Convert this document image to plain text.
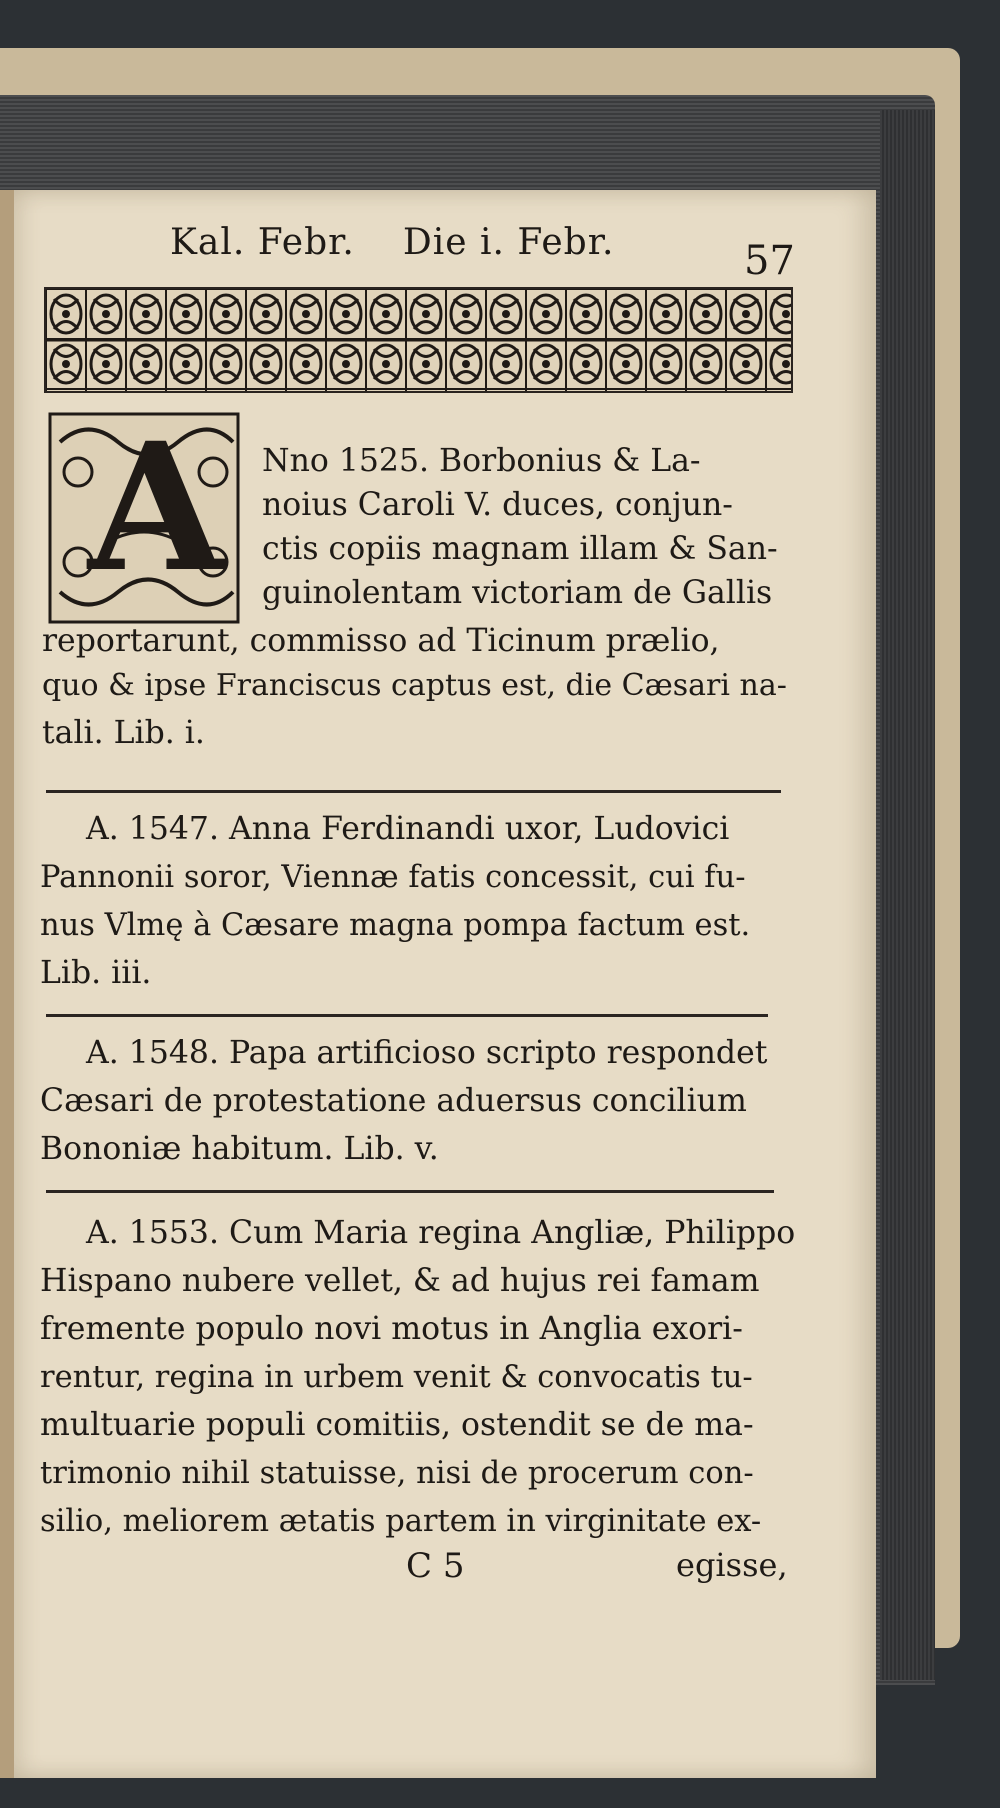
Kal. Febr. Die i. Febr.	57
A Nno 1525. Borbonius & La-
noius Caroli V. duces, conjun-
ctis copiis magnam illam & San-
guinolentam victoriam de Gallis
reportarunt, commisso ad Ticinum prælio,
quo & ipse Franciscus captus est, die Cæsari na-
tali. Lib. i.
A. 1547. Anna Ferdinandi uxor, Ludovici
Pannonii soror, Viennæ fatis concessit, cui fu-
nus Vlmę à Cæsare magna pompa factum est.
Lib. iii.
A. 1548. Papa artificioso scripto respondet
Cæsari de protestatione aduersus concilium
Bononiæ habitum. Lib. v.
A. 1553. Cum Maria regina Angliæ, Philippo
Hispano nubere vellet, & ad hujus rei famam
fremente populo novi motus in Anglia exori-
rentur, regina in urbem venit & convocatis tu-
multuarie populi comitiis, ostendit se de ma-
trimonio nihil statuisse, nisi de procerum con-
silio, meliorem ætatis partem in virginitate ex-
C 5	egisse,
